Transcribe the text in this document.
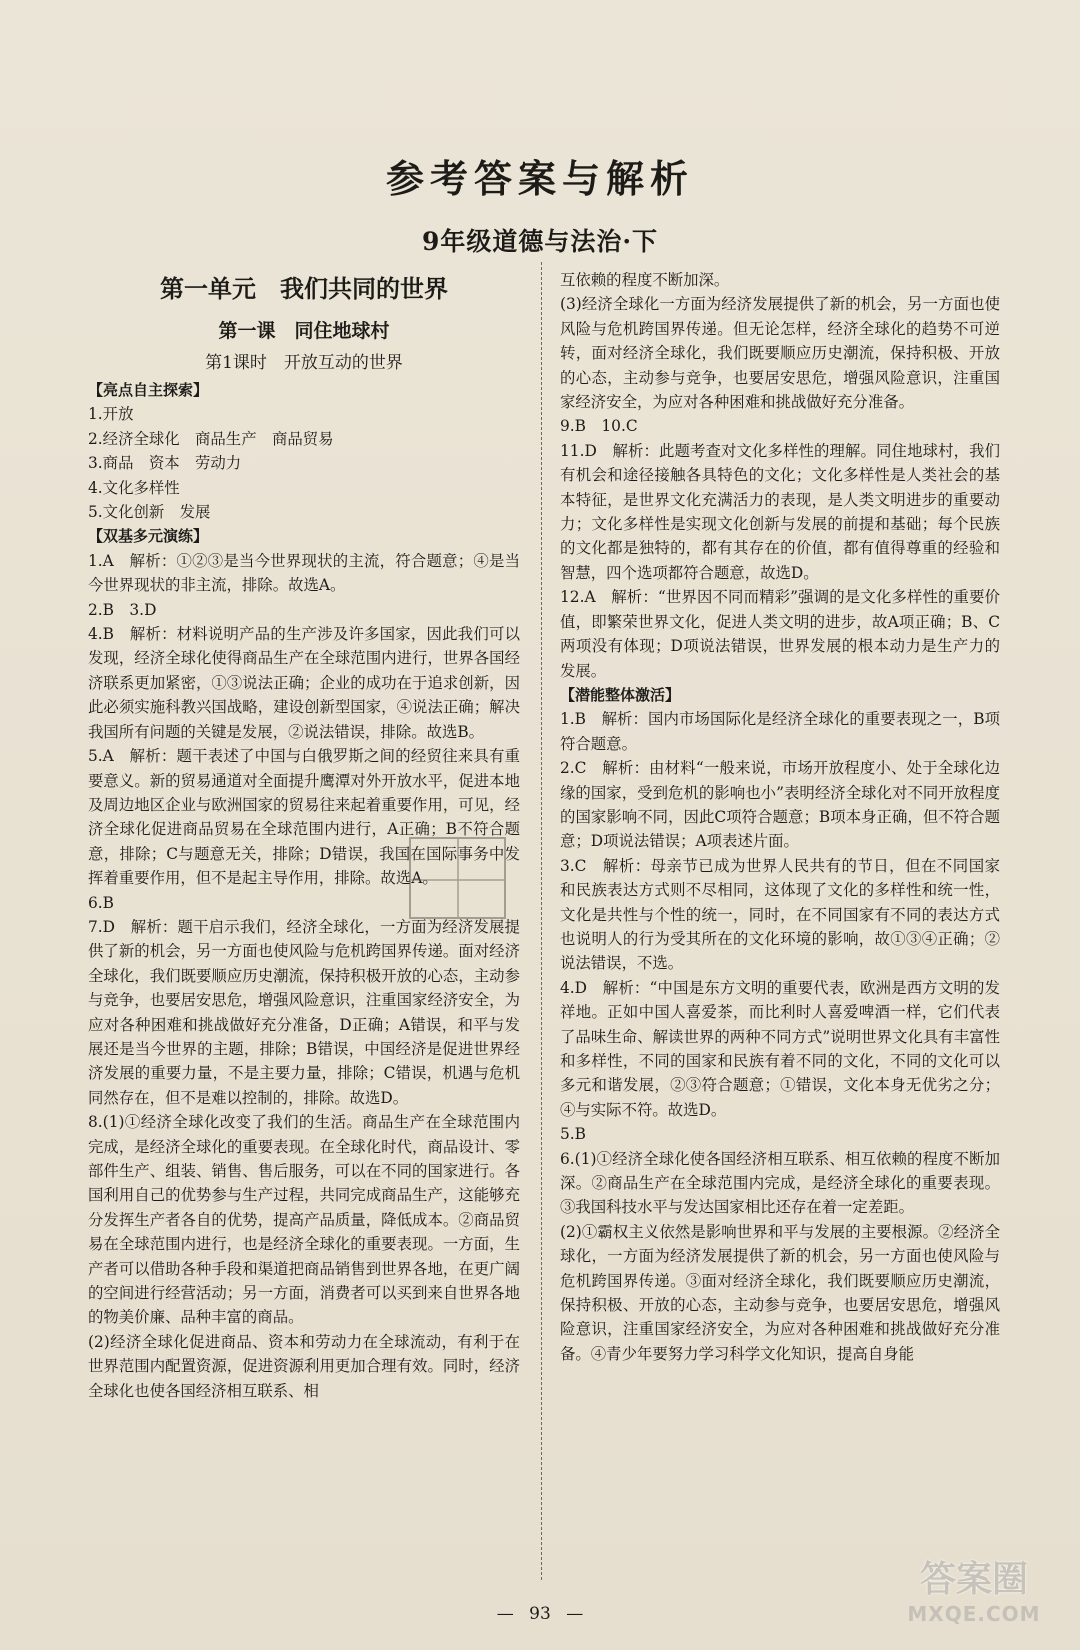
参考答案与解析
9年级道德与法治·下
第一单元　我们共同的世界
第一课　同住地球村
第1课时　开放互动的世界
【亮点自主探索】
1.开放
2.经济全球化　商品生产　商品贸易
3.商品　资本　劳动力
4.文化多样性
5.文化创新　发展
【双基多元演练】
1.A　解析：①②③是当今世界现状的主流，符合题意；④是当今世界现状的非主流，排除。故选A。
2.B　3.D
4.B　解析：材料说明产品的生产涉及许多国家，因此我们可以发现，经济全球化使得商品生产在全球范围内进行，世界各国经济联系更加紧密，①③说法正确；企业的成功在于追求创新，因此必须实施科教兴国战略，建设创新型国家，④说法正确；解决我国所有问题的关键是发展，②说法错误，排除。故选B。
5.A　解析：题干表述了中国与白俄罗斯之间的经贸往来具有重要意义。新的贸易通道对全面提升鹰潭对外开放水平，促进本地及周边地区企业与欧洲国家的贸易往来起着重要作用，可见，经济全球化促进商品贸易在全球范围内进行，A正确；B不符合题意，排除；C与题意无关，排除；D错误，我国在国际事务中发挥着重要作用，但不是起主导作用，排除。故选A。
6.B
7.D　解析：题干启示我们，经济全球化，一方面为经济发展提供了新的机会，另一方面也使风险与危机跨国界传递。面对经济全球化，我们既要顺应历史潮流，保持积极开放的心态，主动参与竞争，也要居安思危，增强风险意识，注重国家经济安全，为应对各种困难和挑战做好充分准备，D正确；A错误，和平与发展还是当今世界的主题，排除；B错误，中国经济是促进世界经济发展的重要力量，不是主要力量，排除；C错误，机遇与危机同然存在，但不是难以控制的，排除。故选D。
8.(1)①经济全球化改变了我们的生活。商品生产在全球范围内完成，是经济全球化的重要表现。在全球化时代，商品设计、零部件生产、组装、销售、售后服务，可以在不同的国家进行。各国利用自己的优势参与生产过程，共同完成商品生产，这能够充分发挥生产者各自的优势，提高产品质量，降低成本。②商品贸易在全球范围内进行，也是经济全球化的重要表现。一方面，生产者可以借助各种手段和渠道把商品销售到世界各地，在更广阔的空间进行经营活动；另一方面，消费者可以买到来自世界各地的物美价廉、品种丰富的商品。
(2)经济全球化促进商品、资本和劳动力在全球流动，有利于在世界范围内配置资源，促进资源利用更加合理有效。同时，经济全球化也使各国经济相互联系、相
互依赖的程度不断加深。
(3)经济全球化一方面为经济发展提供了新的机会，另一方面也使风险与危机跨国界传递。但无论怎样，经济全球化的趋势不可逆转，面对经济全球化，我们既要顺应历史潮流，保持积极、开放的心态，主动参与竞争，也要居安思危，增强风险意识，注重国家经济安全，为应对各种困难和挑战做好充分准备。
9.B　10.C
11.D　解析：此题考查对文化多样性的理解。同住地球村，我们有机会和途径接触各具特色的文化；文化多样性是人类社会的基本特征，是世界文化充满活力的表现，是人类文明进步的重要动力；文化多样性是实现文化创新与发展的前提和基础；每个民族的文化都是独特的，都有其存在的价值，都有值得尊重的经验和智慧，四个选项都符合题意，故选D。
12.A　解析：“世界因不同而精彩”强调的是文化多样性的重要价值，即繁荣世界文化，促进人类文明的进步，故A项正确；B、C两项没有体现；D项说法错误，世界发展的根本动力是生产力的发展。
【潜能整体激活】
1.B　解析：国内市场国际化是经济全球化的重要表现之一，B项符合题意。
2.C　解析：由材料“一般来说，市场开放程度小、处于全球化边缘的国家，受到危机的影响也小”表明经济全球化对不同开放程度的国家影响不同，因此C项符合题意；B项本身正确，但不符合题意；D项说法错误；A项表述片面。
3.C　解析：母亲节已成为世界人民共有的节日，但在不同国家和民族表达方式则不尽相同，这体现了文化的多样性和统一性，文化是共性与个性的统一，同时，在不同国家有不同的表达方式也说明人的行为受其所在的文化环境的影响，故①③④正确；②说法错误，不选。
4.D　解析：“中国是东方文明的重要代表，欧洲是西方文明的发祥地。正如中国人喜爱茶，而比利时人喜爱啤酒一样，它们代表了品味生命、解读世界的两种不同方式”说明世界文化具有丰富性和多样性，不同的国家和民族有着不同的文化，不同的文化可以多元和谐发展，②③符合题意；①错误，文化本身无优劣之分；④与实际不符。故选D。
5.B
6.(1)①经济全球化使各国经济相互联系、相互依赖的程度不断加深。②商品生产在全球范围内完成，是经济全球化的重要表现。③我国科技水平与发达国家相比还存在着一定差距。
(2)①霸权主义依然是影响世界和平与发展的主要根源。②经济全球化，一方面为经济发展提供了新的机会，另一方面也使风险与危机跨国界传递。③面对经济全球化，我们既要顺应历史潮流，保持积极、开放的心态，主动参与竞争，也要居安思危，增强风险意识，注重国家经济安全，为应对各种困难和挑战做好充分准备。④青少年要努力学习科学文化知识，提高自身能
— 93 —
答案圈
MXQE.COM
